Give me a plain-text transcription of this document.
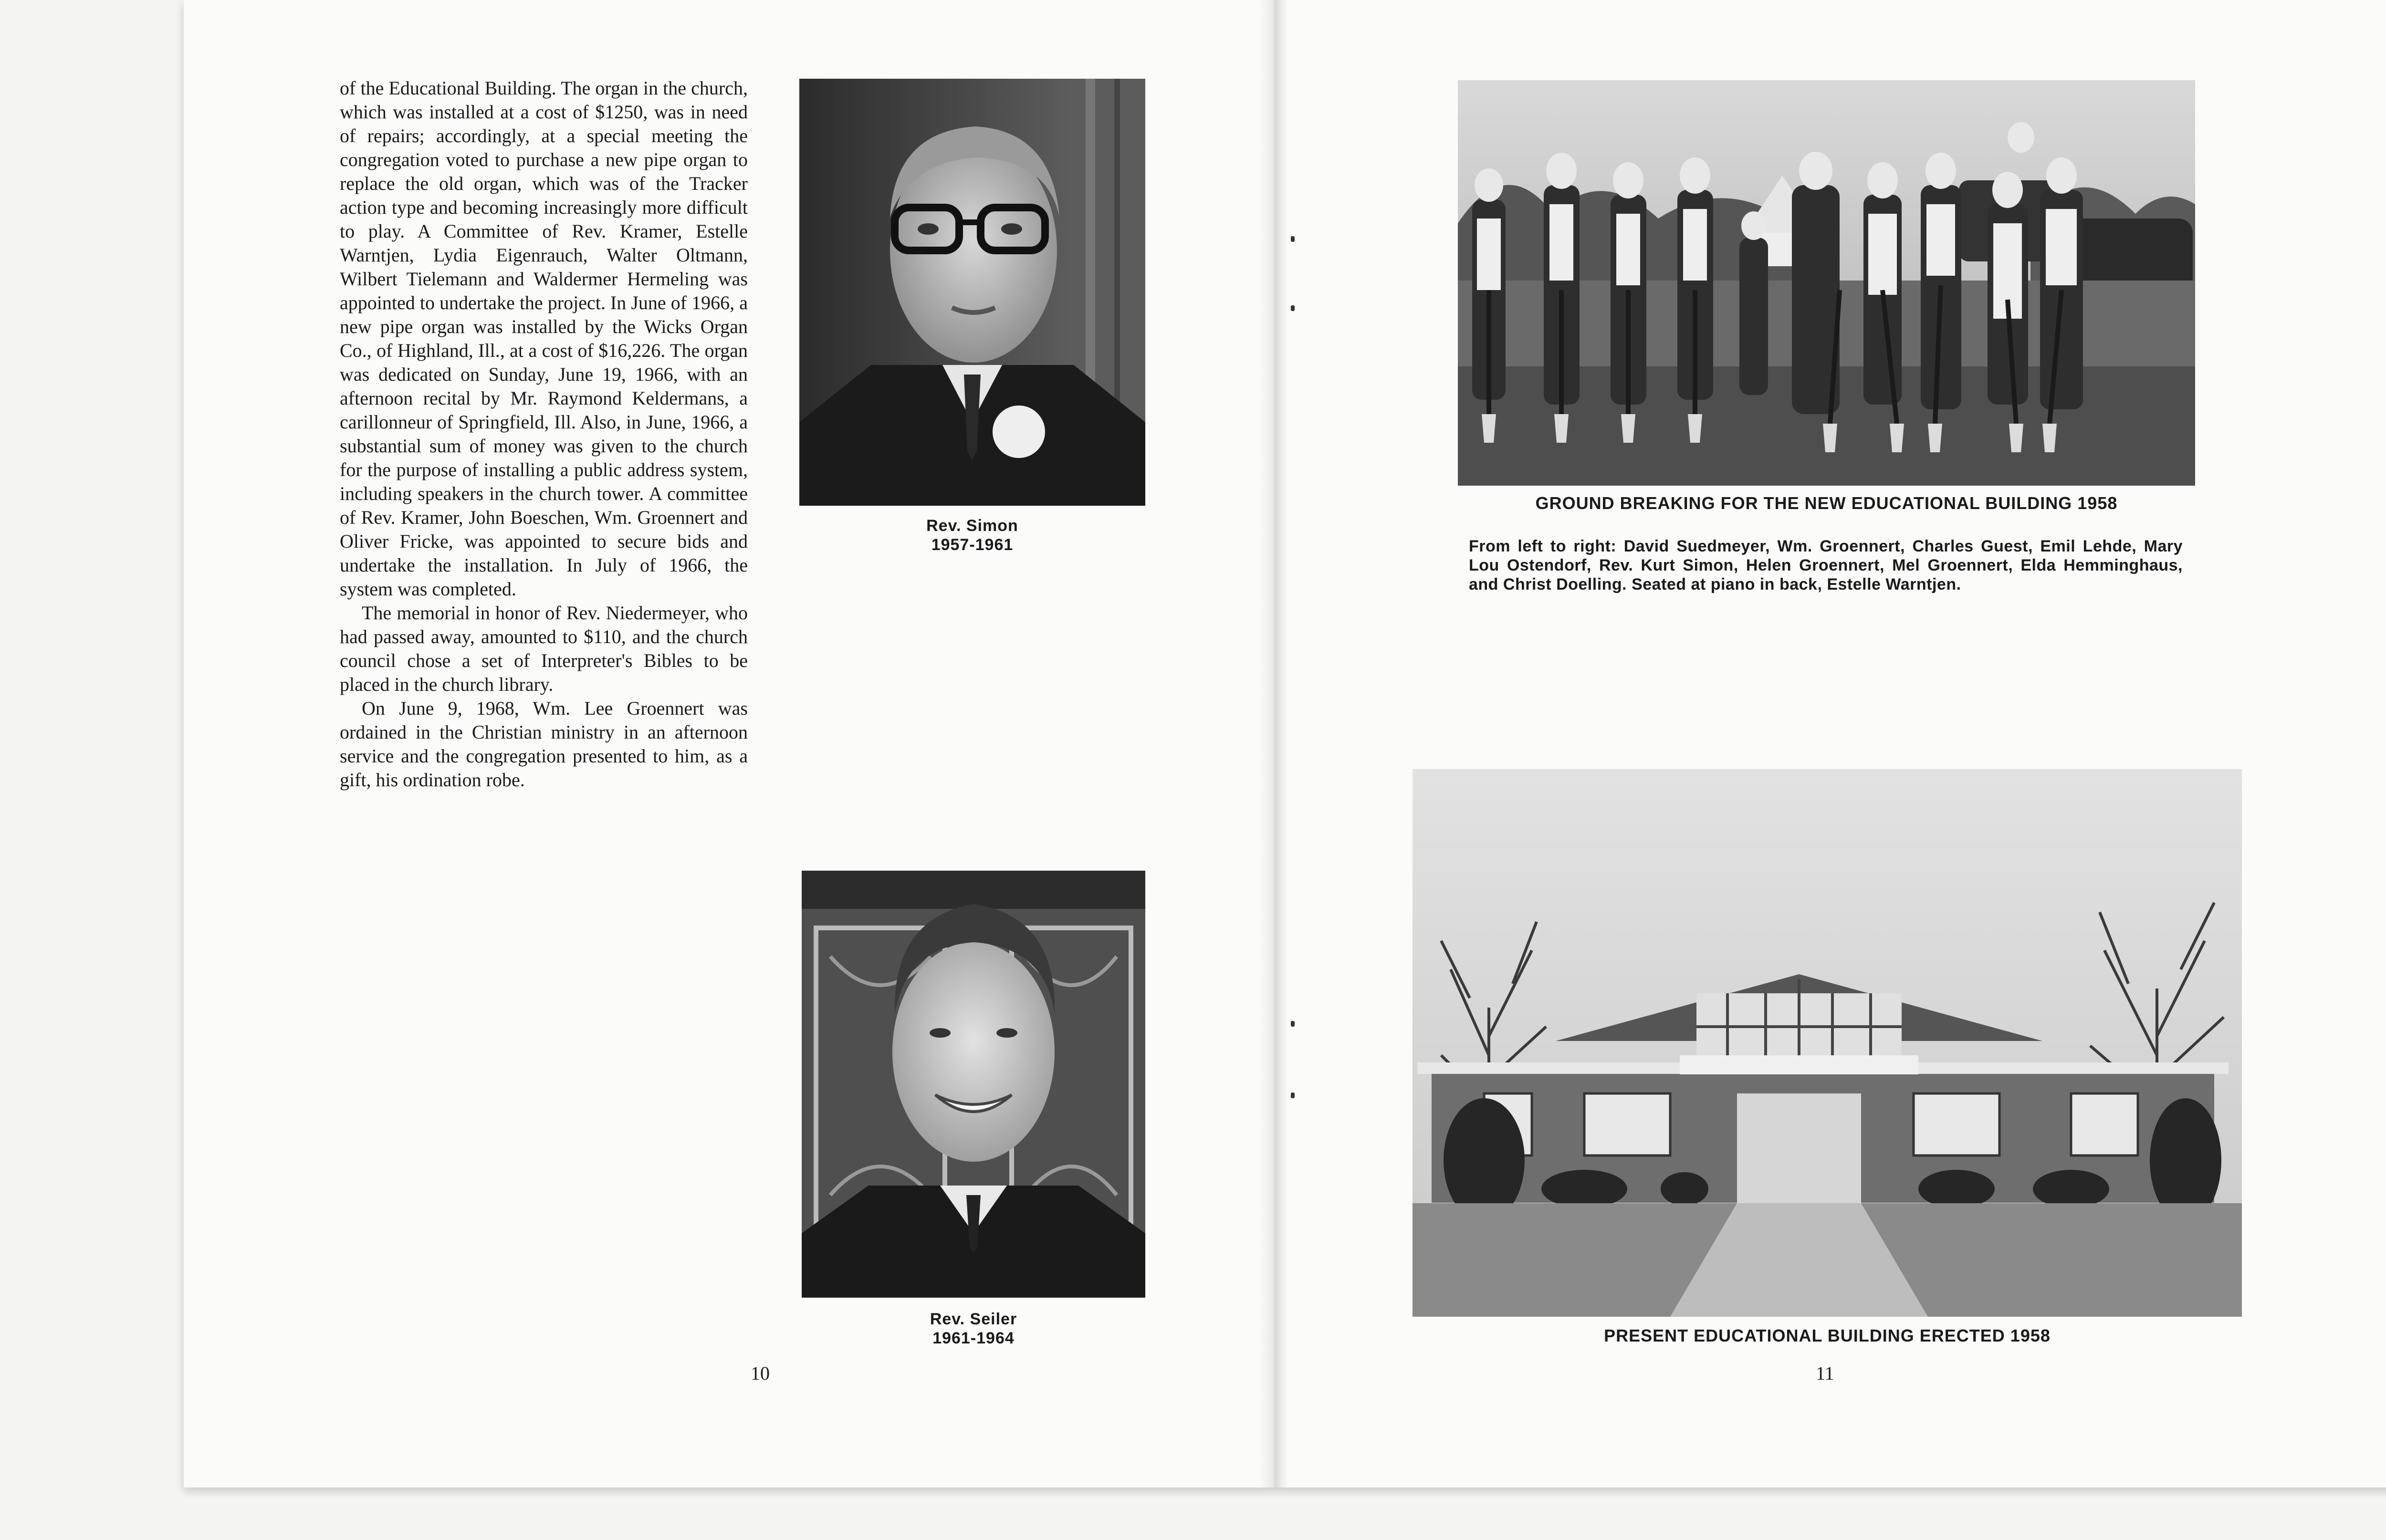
of the Educational Building. The organ in the church, which was installed at a cost of $1250, was in need of repairs; accordingly, at a special meeting the congregation voted to purchase a new pipe organ to replace the old organ, which was of the Tracker action type and becoming increasingly more difficult to play. A Committee of Rev. Kramer, Estelle Warntjen, Lydia Eigenrauch, Walter Oltmann, Wilbert Tielemann and Waldermer Hermeling was appointed to undertake the project. In June of 1966, a new pipe organ was installed by the Wicks Organ Co., of Highland, Ill., at a cost of $16,226. The organ was dedicated on Sunday, June 19, 1966, with an afternoon recital by Mr. Raymond Keldermans, a carillonneur of Springfield, Ill. Also, in June, 1966, a substantial sum of money was given to the church for the purpose of installing a public address system, including speakers in the church tower. A committee of Rev. Kramer, John Boeschen, Wm. Groennert and Oliver Fricke, was appointed to secure bids and undertake the installation. In July of 1966, the system was completed.

The memorial in honor of Rev. Niedermeyer, who had passed away, amounted to $110, and the church council chose a set of Interpreter's Bibles to be placed in the church library.

On June 9, 1968, Wm. Lee Groennert was ordained in the Christian ministry in an afternoon service and the congregation presented to him, as a gift, his ordination robe.

Rev. Simon
1957-1961
Rev. Seiler
1961-1964
10
GROUND BREAKING FOR THE NEW EDUCATIONAL BUILDING 1958

From left to right: David Suedmeyer, Wm. Groennert, Charles Guest, Emil Lehde, Mary Lou Ostendorf, Rev. Kurt Simon, Helen Groennert, Mel Groennert, Elda Hemminghaus, and Christ Doelling. Seated at piano in back, Estelle Warntjen.

PRESENT EDUCATIONAL BUILDING ERECTED 1958
11
